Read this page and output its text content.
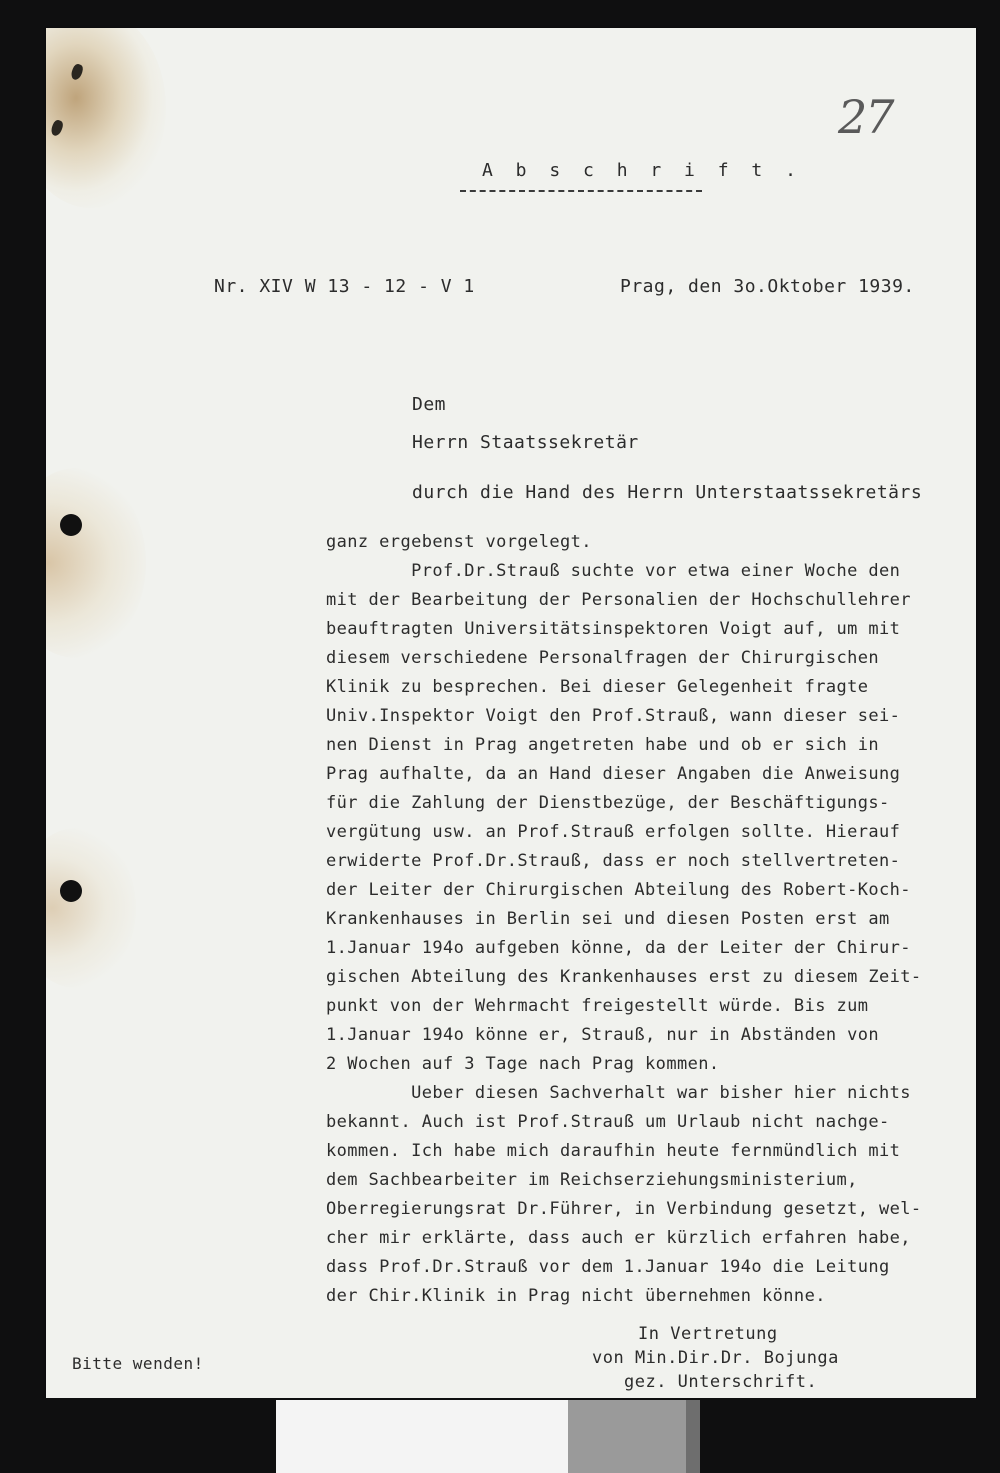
27
A b s c h r i f t .
Nr. XIV W 13 - 12 - V 1	Prag, den 3o.Oktober 1939.
Dem
Herrn Staatssekretär
durch die Hand des Herrn Unterstaatssekretärs
ganz ergebenst vorgelegt.
Prof.Dr.Strauß suchte vor etwa einer Woche den
mit der Bearbeitung der Personalien der Hochschullehrer
beauftragten Universitätsinspektoren Voigt auf, um mit
diesem verschiedene Personalfragen der Chirurgischen
Klinik zu besprechen. Bei dieser Gelegenheit fragte
Univ.Inspektor Voigt den Prof.Strauß, wann dieser sei-
nen Dienst in Prag angetreten habe und ob er sich in
Prag aufhalte, da an Hand dieser Angaben die Anweisung
für die Zahlung der Dienstbezüge, der Beschäftigungs-
vergütung usw. an Prof.Strauß erfolgen sollte. Hierauf
erwiderte Prof.Dr.Strauß, dass er noch stellvertreten-
der Leiter der Chirurgischen Abteilung des Robert-Koch-
Krankenhauses in Berlin sei und diesen Posten erst am
1.Januar 194o aufgeben könne, da der Leiter der Chirur-
gischen Abteilung des Krankenhauses erst zu diesem Zeit-
punkt von der Wehrmacht freigestellt würde. Bis zum
1.Januar 194o könne er, Strauß, nur in Abständen von
2 Wochen auf 3 Tage nach Prag kommen.
Ueber diesen Sachverhalt war bisher hier nichts
bekannt. Auch ist Prof.Strauß um Urlaub nicht nachge-
kommen. Ich habe mich daraufhin heute fernmündlich mit
dem Sachbearbeiter im Reichserziehungsministerium,
Oberregierungsrat Dr.Führer, in Verbindung gesetzt, wel-
cher mir erklärte, dass auch er kürzlich erfahren habe,
dass Prof.Dr.Strauß vor dem 1.Januar 194o die Leitung
der Chir.Klinik in Prag nicht übernehmen könne.
Bitte wenden!
In Vertretung
von Min.Dir.Dr. Bojunga
gez. Unterschrift.
